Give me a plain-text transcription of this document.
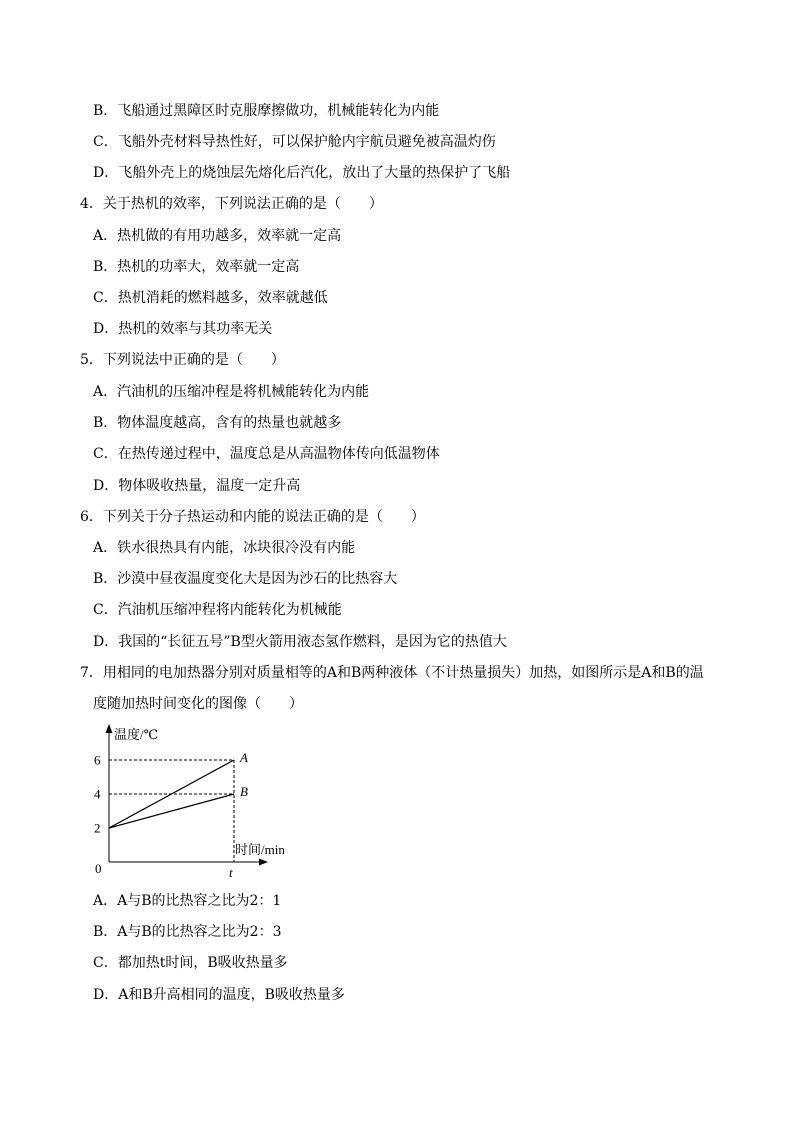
B．飞船通过黑障区时克服摩擦做功，机械能转化为内能
C．飞船外壳材料导热性好，可以保护舱内宇航员避免被高温灼伤
D．飞船外壳上的烧蚀层先熔化后汽化，放出了大量的热保护了飞船
4．关于热机的效率，下列说法正确的是（　　）
A．热机做的有用功越多，效率就一定高
B．热机的功率大，效率就一定高
C．热机消耗的燃料越多，效率就越低
D．热机的效率与其功率无关
5．下列说法中正确的是（　　）
A．汽油机的压缩冲程是将机械能转化为内能
B．物体温度越高，含有的热量也就越多
C．在热传递过程中，温度总是从高温物体传向低温物体
D．物体吸收热量，温度一定升高
6．下列关于分子热运动和内能的说法正确的是（　　）
A．铁水很热具有内能，冰块很冷没有内能
B．沙漠中昼夜温度变化大是因为沙石的比热容大
C．汽油机压缩冲程将内能转化为机械能
D．我国的“长征五号”B型火箭用液态氢作燃料，是因为它的热值大
7．用相同的电加热器分别对质量相等的A和B两种液体（不计热量损失）加热，如图所示是A和B的温
度随加热时间变化的图像（　　）
2
4
6	A
B
温度/℃
时间/min
0	t
A．A与B的比热容之比为2：1
B．A与B的比热容之比为2：3
C．都加热t时间，B吸收热量多
D．A和B升高相同的温度，B吸收热量多
